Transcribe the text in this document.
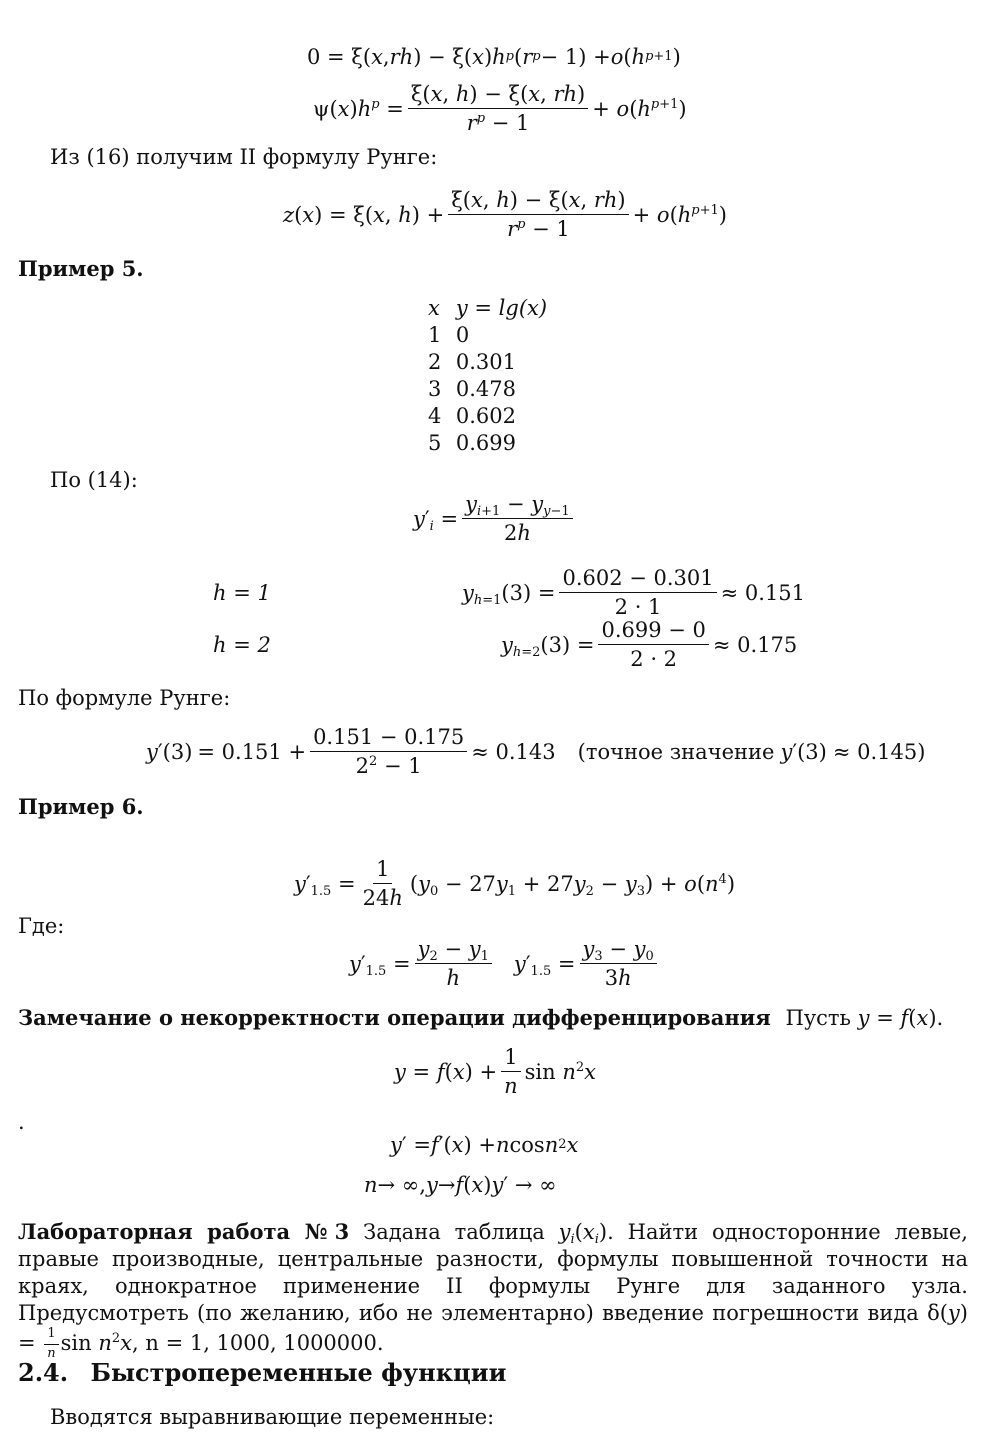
0 = ξ( x , rh ) − ξ( x ) h p ( r p − 1) + o ( h p+1 )
$\psi(x)h^p = \frac{\xi(x, h) - \xi(x, rh)}{r^p - 1} + o(h^{p+1})$
Из (16) получим II формулу Рунге:
z(x) = ξ(x, $h) + \frac{\xi(x, h) - \xi(x, rh)}{r^p - 1} + o(h^{p+1})$
Пример 5.
x	y = lg(x)
1	0
2	0.301
3	0.478
4	0.602
5	0.699
По (14):
$y'_i = \frac{y_{i+1} - y_{y-1}}{2h}$
h = 1	$y_{h=1}(3) = \frac{0.602 - 0.301}{2 \cdot 1} \approx 0.151$
h = 2	$y_{h=2}(3) = \frac{0.699 - 0}{2 \cdot 2} \approx 0.175$
По формуле Рунге:
$y'(3) = 0.151 + \frac{0.151 - 0.175}{2^2 - 1} \approx 0.143$ (точное значение y′(3) ≈ 0.145)
Пример 6.
$y'_{1.5} = \frac{1}{24h} (y_0 - 27y_1 + 27y_2 - y_3) + o(n^4)$
Где:
$y'_{1.5} = \frac{y_2 - y_1}{h} y'_{1.5} = \frac{y_3 - y_0}{3h}$
Замечание о некорректности операции дифференцирования Пусть y = f(x).
$y = f(x) + \frac{1}{n}$ $\sin n^2x$
.
y ′ = f ′( x ) + n cos n 2 x
n → ∞, y → f ( x ) y ′ → ∞
Лабораторная работа №3 Задана таблица $y_i(x_i)$. Найти односторонние левые, правые производные, центральные разности, формулы повышенной точности на краях, однократное применение II формулы Рунге для заданного узла. Предусмотреть (по желанию, ибо не элементарно) введение погрешности вида $\delta(y) = \frac{1}{n}$ $\sin n^2x$, n = 1, 1000, 1000000.
2.4. Быстропеременные функции
Вводятся выравнивающие переменные:
